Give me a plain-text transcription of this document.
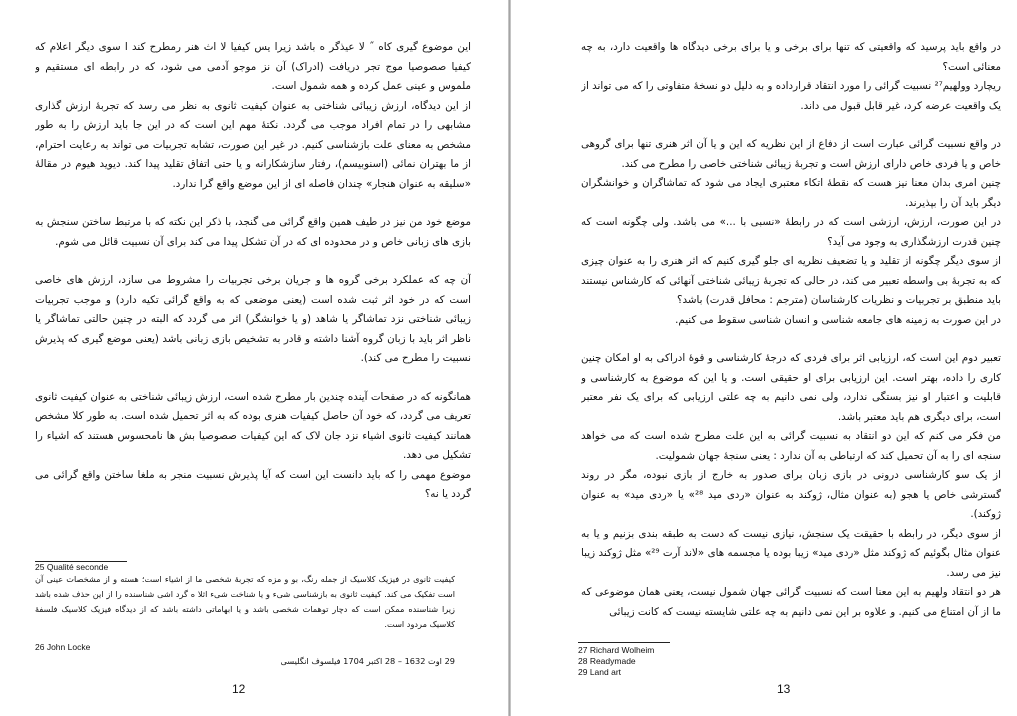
این موضوع گیری کاه ˝ لا عیذگر ه باشد زیرا یس کیفیا لا اث هنر رمطرح کند ا سوی دیگر اعلام که کیفیا صصوصیا موج تجر دریافت (ادراک) آن نز موجو آدمی می شود، که در رابطه ای مستقیم و ملموس و عینی عمل کرده و همه شمول است.

از این دیدگاه، ارزش زیبائی شناختی به عنوان کیفیت ثانوی به نظر می رسد که تجربهٔ ارزش گذاری مشابهی را در تمام افراد موجب می گردد. نکتهٔ مهم این است که در این جا باید ارزش را به طور مشخص به معنای علت بازشناسی کنیم. در غیر این صورت، تشابه تجربیات می تواند به رعایت احترام، از ما بهتران نمائی (اسنوبیسم)، رفتار سازشکارانه و یا حتی اتفاق تقلید پیدا کند. دیوید هیوم در مقالهٔ «سلیقه به عنوان هنجار» چندان فاصله ای از این موضع واقع گرا ندارد.

موضع خود من نیز در طیف همین واقع گرائی می گنجد، با ذکر این نکته که با مرتبط ساختن سنجش به بازی های زبانی خاص و در محدوده ای که در آن تشکل پیدا می کند برای آن نسبیت قائل می شوم.

آن چه که عملکرد برخی گروه ها و جریان برخی تجربیات را مشروط می سازد، ارزش های خاصی است که در خود اثر ثبت شده است (یعنی موضعی که به واقع گرائی تکیه دارد) و موجب تجربیات زیبائی شناختی نزد تماشاگر یا شاهد (و یا خوانشگر) اثر می گردد که البته در چنین حالتی تماشاگر یا ناظر اثر باید با زبان گروه آشنا داشته و قادر به تشخیص بازی زبانی باشد (یعنی موضع گیری که پذیرش نسبیت را مطرح می کند).

همانگونه که در صفحات آینده چندین بار مطرح شده است، ارزش زیبائی شناختی به عنوان کیفیت ثانوی تعریف می گردد، که خود آن حاصل کیفیات هنری بوده که به اثر تحمیل شده است. به طور کلا مشخص همانند کیفیت ثانوی اشیاء نزد جان لاک که این کیفیات صصوصیا بش ها نامحسوس هستند که اشیاء را تشکیل می دهد.

موضوع مهمی را که باید دانست این است که آیا پذیرش نسبیت منجر به ملغا ساختن واقع گرائی می گردد یا نه؟

25 Qualité seconde
کیفیت ثانوی در فیزیک کلاسیک از جمله رنگ، بو و مزه که تجربهٔ شخصی ما از اشیاء است؛ هسته و از مشخصات عینی آن است تفکیک می کند. کیفیت ثانوی به بازشناسی شیء و یا شناخت شیء اثلا ه گرد اشی شناسنده را از این حذف شده باشد زیرا شناسنده ممکن است که دچار توهمات شخصی باشد و یا ابهاماتی داشته باشد که از دیدگاه فیزیک کلاسیک فلسفهٔ کلاسیک مردود است.
26 John Locke
29 اوت 1632 – 28 اکتبر 1704 فیلسوف انگلیسی
12

در واقع باید پرسید که واقعیتی که تنها برای برخی و یا برای برخی دیدگاه ها واقعیت دارد، به چه معنائی است؟

ریچارد وولهیم²⁷ نسبیت گرائی را مورد انتقاد قرارداده و به دلیل دو نسخهٔ متفاوتی را که می تواند از یک واقعیت عرضه کرد، غیر قابل قبول می داند.

در واقع نسبیت گرائی عبارت است از دفاع از این نظریه که این و یا آن اثر هنری تنها برای گروهی خاص و یا فردی خاص دارای ارزش است و تجربهٔ زیبائی شناختی خاصی را مطرح می کند.

چنین امری بدان معنا نیز هست که نقطهٔ اتکاء معتبری ایجاد می شود که تماشاگران و خوانشگران دیگر باید آن را بپذیرند.

در این صورت، ارزش، ارزشی است که در رابطهٔ «نسبی با ...» می باشد. ولی چگونه است که چنین قدرت ارزشگذاری به وجود می آید؟

از سوی دیگر چگونه از تقلید و یا تضعیف نظریه ای جلو گیری کنیم که اثر هنری را به عنوان چیزی که به تجربهٔ بی واسطه تعبیر می کند، در حالی که تجربهٔ زیبائی شناختی آنهائی که کارشناس نیستند باید منطبق بر تجربیات و نظریات کارشناسان (مترجم : محافل قدرت) باشد؟

در این صورت به زمینه های جامعه شناسی و انسان شناسی سقوط می کنیم.

تعبیر دوم این است که، ارزیابی اثر برای فردی که درجهٔ کارشناسی و قوهٔ ادراکی به او امکان چنین کاری را داده، بهتر است. این ارزیابی برای او حقیقی است. و یا این که موضوع به کارشناسی و قابلیت و اعتبار او نیز بستگی ندارد، ولی نمی دانیم به چه علتی ارزیابی که برای یک نفر معتبر است، برای دیگری هم باید معتبر باشد.

من فکر می کنم که این دو انتقاد به نسبیت گرائی به این علت مطرح شده است که می خواهد سنجه ای را به آن تحمیل کند که ارتباطی به آن ندارد : یعنی سنجهٔ جهان شمولیت.

از یک سو کارشناسی درونی در بازی زبان برای صدور به خارج از بازی نبوده، مگر در روند گسترشی خاص یا هجو (به عنوان مثال، ژوکند به عنوان «ردی مید ²⁸» یا «ردی مید» به عنوان ژوکند).

از سوی دیگر، در رابطه با حقیقت یک سنجش، نیازی نیست که دست به طبقه بندی بزنیم و یا به عنوان مثال بگوئیم که ژوکند مثل «ردی مید» زیبا بوده یا مجسمه های «لاند آرت ²⁹» مثل ژوکند زیبا نیز می رسد.

هر دو انتقاد ولهیم به این معنا است که نسبیت گرائی جهان شمول نیست، یعنی همان موضوعی که ما از آن امتناع می کنیم. و علاوه بر این نمی دانیم به چه علتی شایسته نیست که کانت زیبائی

27 Richard Wolheim
28 Readymade
29 Land art
13
